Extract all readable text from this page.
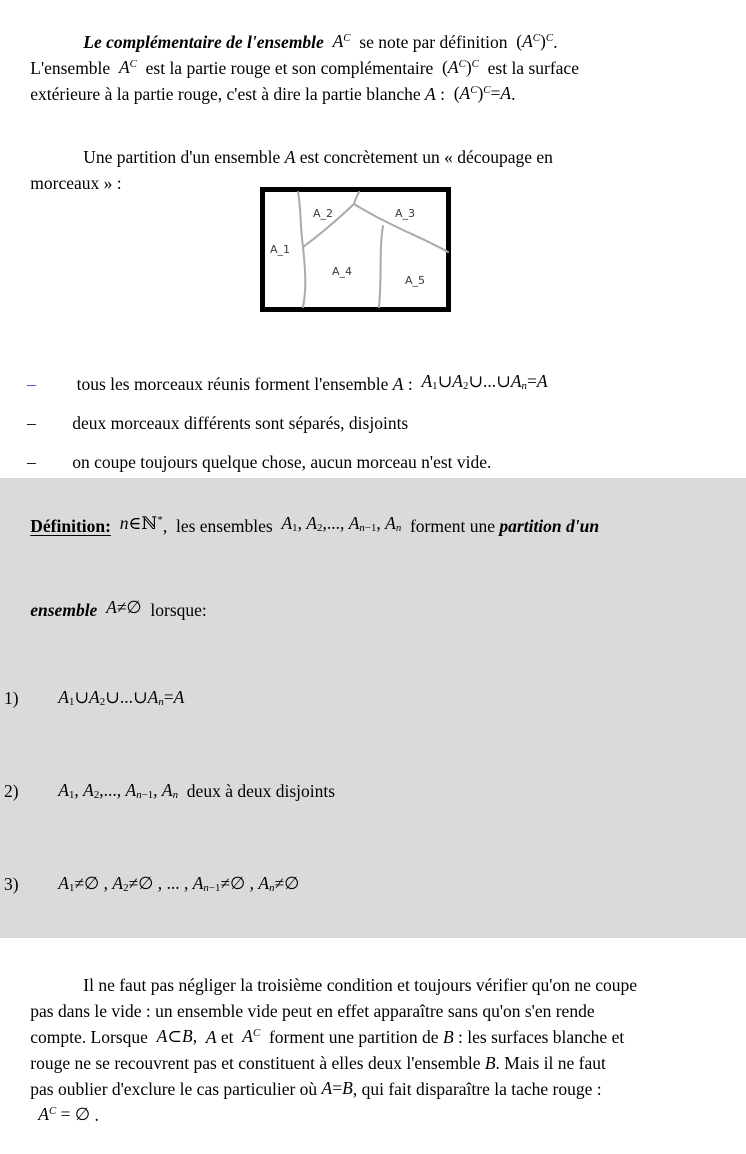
Le complémentaire de l'ensemble $A^C$  se note par définition  $(A^C)^C$.

L'ensemble  $A^C$  est la partie rouge et son complémentaire  $(A^C)^C$  est la surface

extérieure à la partie rouge, c'est à dire la partie blanche A :  $(A^C)^C=A$.

Une partition d'un ensemble A est concrètement un « découpage en

morceaux » :

A_1
A_2	A_3
A_4
A_5

– tous les morceaux réunis forment l'ensemble A :  $A_1\cup A_2\cup...\cup A_n=A$

– deux morceaux différents sont séparés, disjoints

– on coupe toujours quelque chose, aucun morceau n'est vide.

Définition: n∈ℕ*,  les ensembles  $A_1$, $A_2$,..., $A_{n-1}$, $A_n$  forment une partition d'un

ensemble A≠∅  lorsque:

1) $A_1\cup A_2\cup...\cup A_n=A$

2) $A_1$, $A_2$,..., $A_{n-1}$, $A_n$  deux à deux disjoints

3) $A_1\ne\emptyset$ , $A_2\ne\emptyset$ , ... , $A_{n-1}\ne\emptyset$ , $A_n\ne\emptyset$

Il ne faut pas négliger la troisième condition et toujours vérifier qu'on ne coupe

pas dans le vide : un ensemble vide peut en effet apparaître sans qu'on s'en rende

compte. Lorsque  A⊂B, A et  $A^C$  forment une partition de B : les surfaces blanche et

rouge ne se recouvrent pas et constituent à elles deux l'ensemble B. Mais il ne faut

pas oublier d'exclure le cas particulier où A=B, qui fait disparaître la tache rouge :

$A^C$ = ∅ .
